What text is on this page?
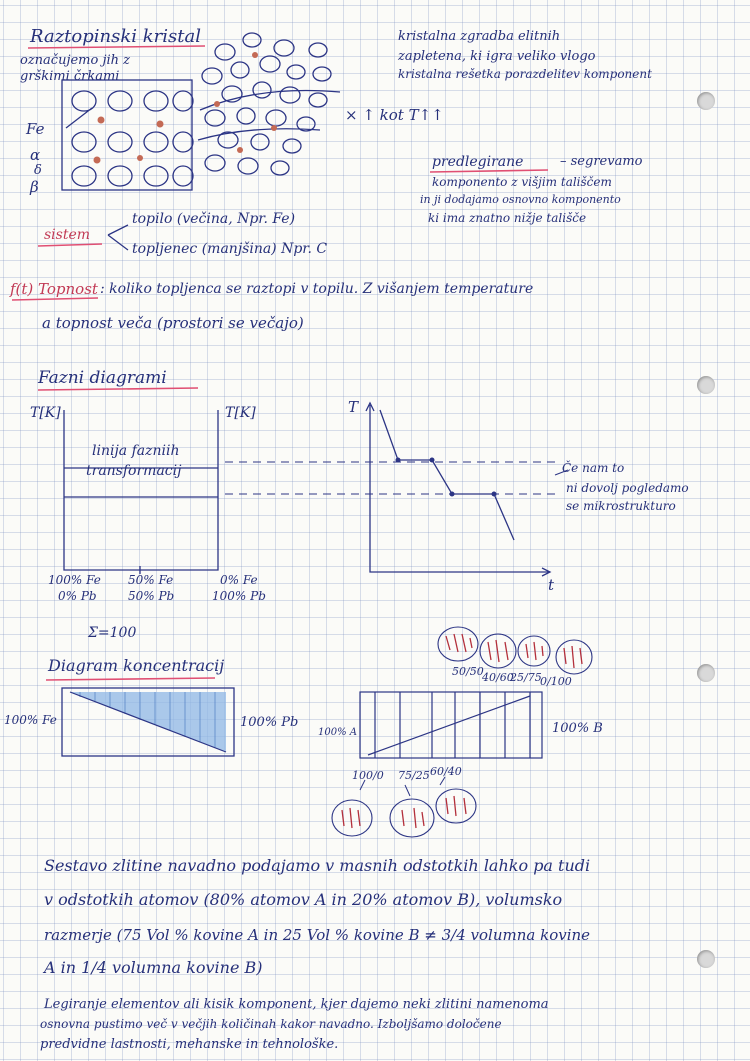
Raztopinski kristal
označujemo jih z
grškimi črkami
Fe
α
δ
β
× ↑ kot T↑↑
kristalna zgradba elitnih
zapletena, ki igra veliko vlogo
kristalna rešetka porazdelitev komponent
predlegirane	– segrevamo
komponento z višjim tališčem
in ji dodajamo osnovno komponento
ki ima znatno nižje tališče
sistem
topilo (večina, Npr. Fe)
topljenec (manjšina) Npr. C
f(t) Topnost : koliko topljenca se raztopi v topilu. Z višanjem temperature
a topnost veča (prostori se večajo)
Fazni diagrami
T[K]	T[K]	T
t
linija fazniih
transformacij
100% Fe
0% Pb
50% Fe
50% Pb
0% Fe
100% Pb
Σ=100
Če nam to
ni dovolj pogledamo
se mikrostrukturo
Diagram koncentracij
100% Fe	100% Pb
100% A	100% B
50/50
40/60
25/75
0/100
100/0 75/25 60/40
Sestavo zlitine navadno podajamo v masnih odstotkih lahko pa tudi
v odstotkih atomov (80% atomov A in 20% atomov B), volumsko
razmerje (75 Vol % kovine A in 25 Vol % kovine B ≠ 3/4 volumna kovine
A in 1/4 volumna kovine B)
Legiranje elementov ali kisik komponent, kjer dajemo neki zlitini namenoma
osnovna pustimo več v večjih količinah kakor navadno. Izboljšamo določene
predvidne lastnosti, mehanske in tehnološke.
